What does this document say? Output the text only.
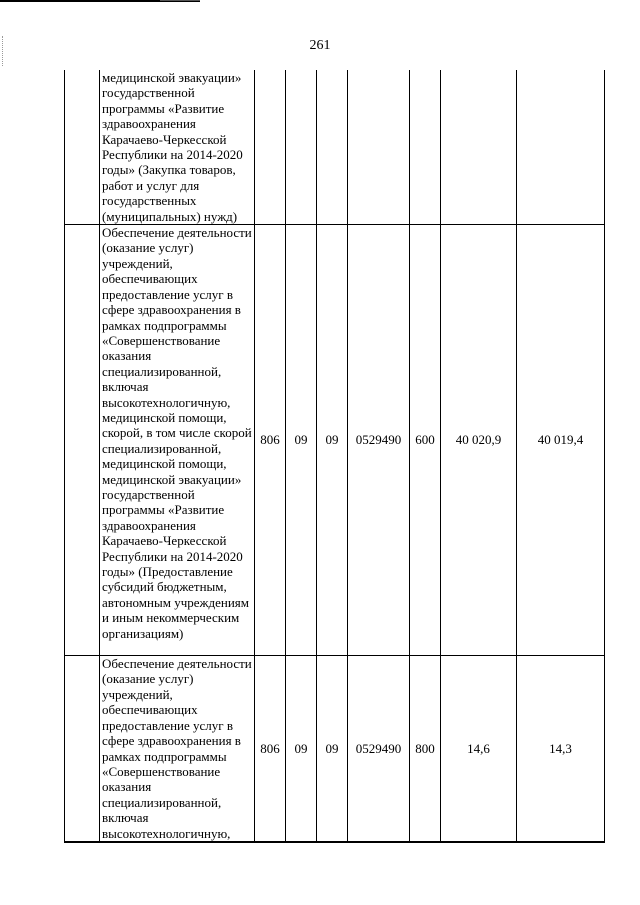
261
	медицинской эвакуации» государственной программы «Развитие здравоохранения Карачаево-Черкесской Республики на 2014-2020 годы» (Закупка товаров, работ и услуг для государственных (муниципальных) нужд)							
	Обеспечение деятельности (оказание услуг) учреждений, обеспечивающих предоставление услуг в сфере здравоохранения в рамках подпрограммы «Совершенствование оказания специализированной, включая высокотехнологичную, медицинской помощи, скорой, в том числе скорой специализированной, медицинской помощи, медицинской эвакуации» государственной программы «Развитие здравоохранения Карачаево-Черкесской Республики на 2014-2020 годы» (Предоставление субсидий бюджетным, автономным учреждениям и иным некоммерческим организациям)	806	09	09	0529490	600	40 020,9	40 019,4
	Обеспечение деятельности (оказание услуг) учреждений, обеспечивающих предоставление услуг в сфере здравоохранения в рамках подпрограммы «Совершенствование оказания специализированной, включая высокотехнологичную,	806	09	09	0529490	800	14,6	14,3
